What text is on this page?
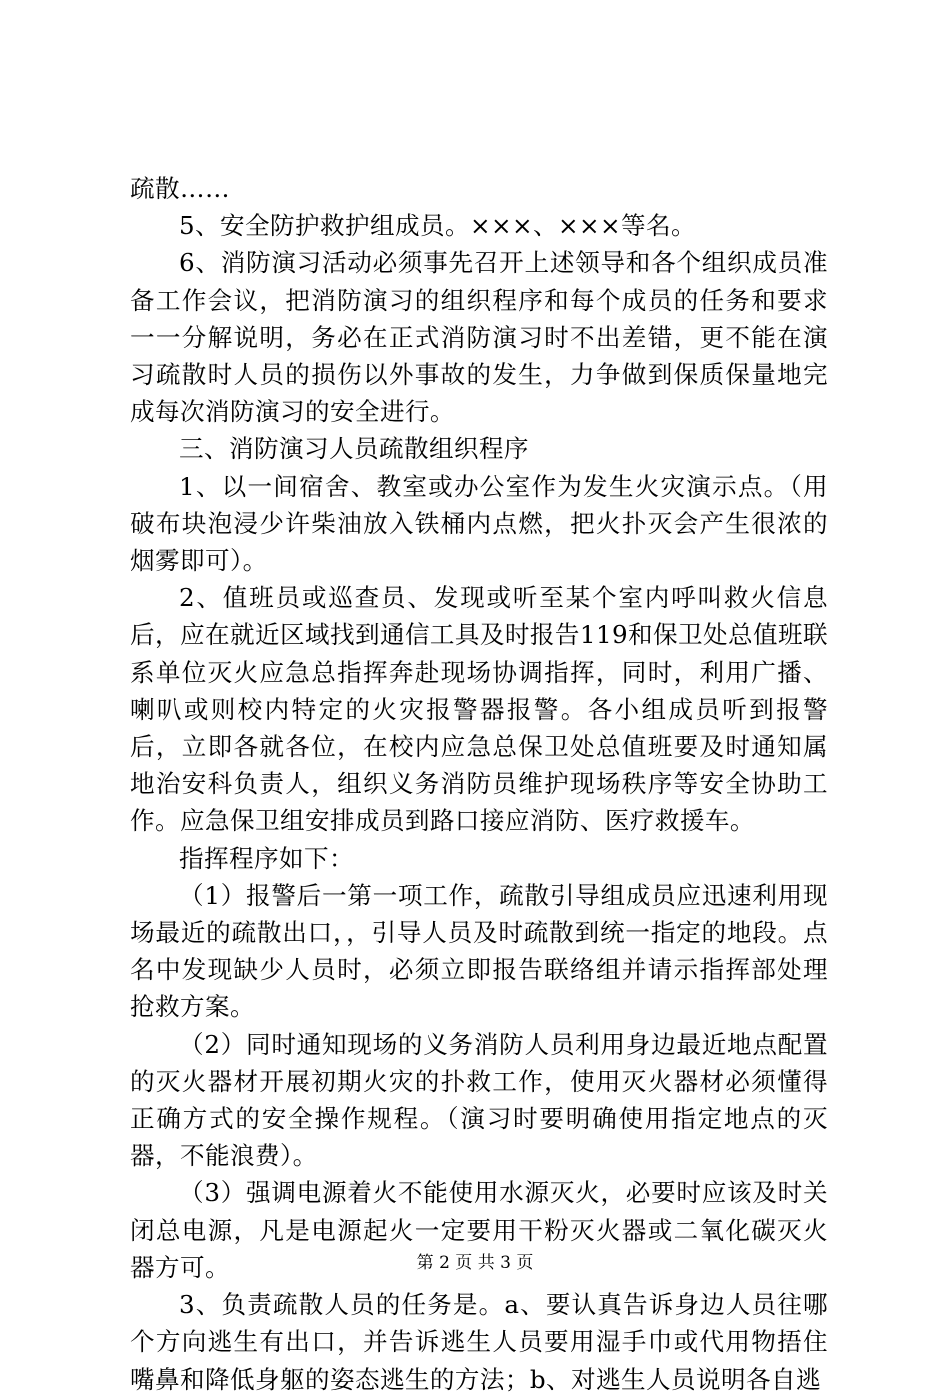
疏散……

5、安全防护救护组成员。×××、×××等名。

6、消防演习活动必须事先召开上述领导和各个组织成员准备工作会议，把消防演习的组织程序和每个成员的任务和要求一一分解说明，务必在正式消防演习时不出差错，更不能在演习疏散时人员的损伤以外事故的发生，力争做到保质保量地完成每次消防演习的安全进行。

三、消防演习人员疏散组织程序

1、以一间宿舍、教室或办公室作为发生火灾演示点。（用破布块泡浸少许柴油放入铁桶内点燃，把火扑灭会产生很浓的烟雾即可）。

2、值班员或巡查员、发现或听至某个室内呼叫救火信息后，应在就近区域找到通信工具及时报告119和保卫处总值班联系单位灭火应急总指挥奔赴现场协调指挥，同时，利用广播、喇叭或则校内特定的火灾报警器报警。各小组成员听到报警后，立即各就各位，在校内应急总保卫处总值班要及时通知属地治安科负责人，组织义务消防员维护现场秩序等安全协助工作。应急保卫组安排成员到路口接应消防、医疗救援车。

指挥程序如下：

（1）报警后一第一项工作，疏散引导组成员应迅速利用现场最近的疏散出口，，引导人员及时疏散到统一指定的地段。点名中发现缺少人员时，必须立即报告联络组并请示指挥部处理抢救方案。

（2）同时通知现场的义务消防人员利用身边最近地点配置的灭火器材开展初期火灾的扑救工作，使用灭火器材必须懂得正确方式的安全操作规程。（演习时要明确使用指定地点的灭器，不能浪费）。

（3）强调电源着火不能使用水源灭火，必要时应该及时关闭总电源，凡是电源起火一定要用干粉灭火器或二氧化碳灭火器方可。

3、负责疏散人员的任务是。a、要认真告诉身边人员往哪个方向逃生有出口，并告诉逃生人员要用湿手巾或代用物捂住嘴鼻和降低身躯的姿态逃生的方法；b、对逃生人员说明各自逃

第 2 页 共 3 页
